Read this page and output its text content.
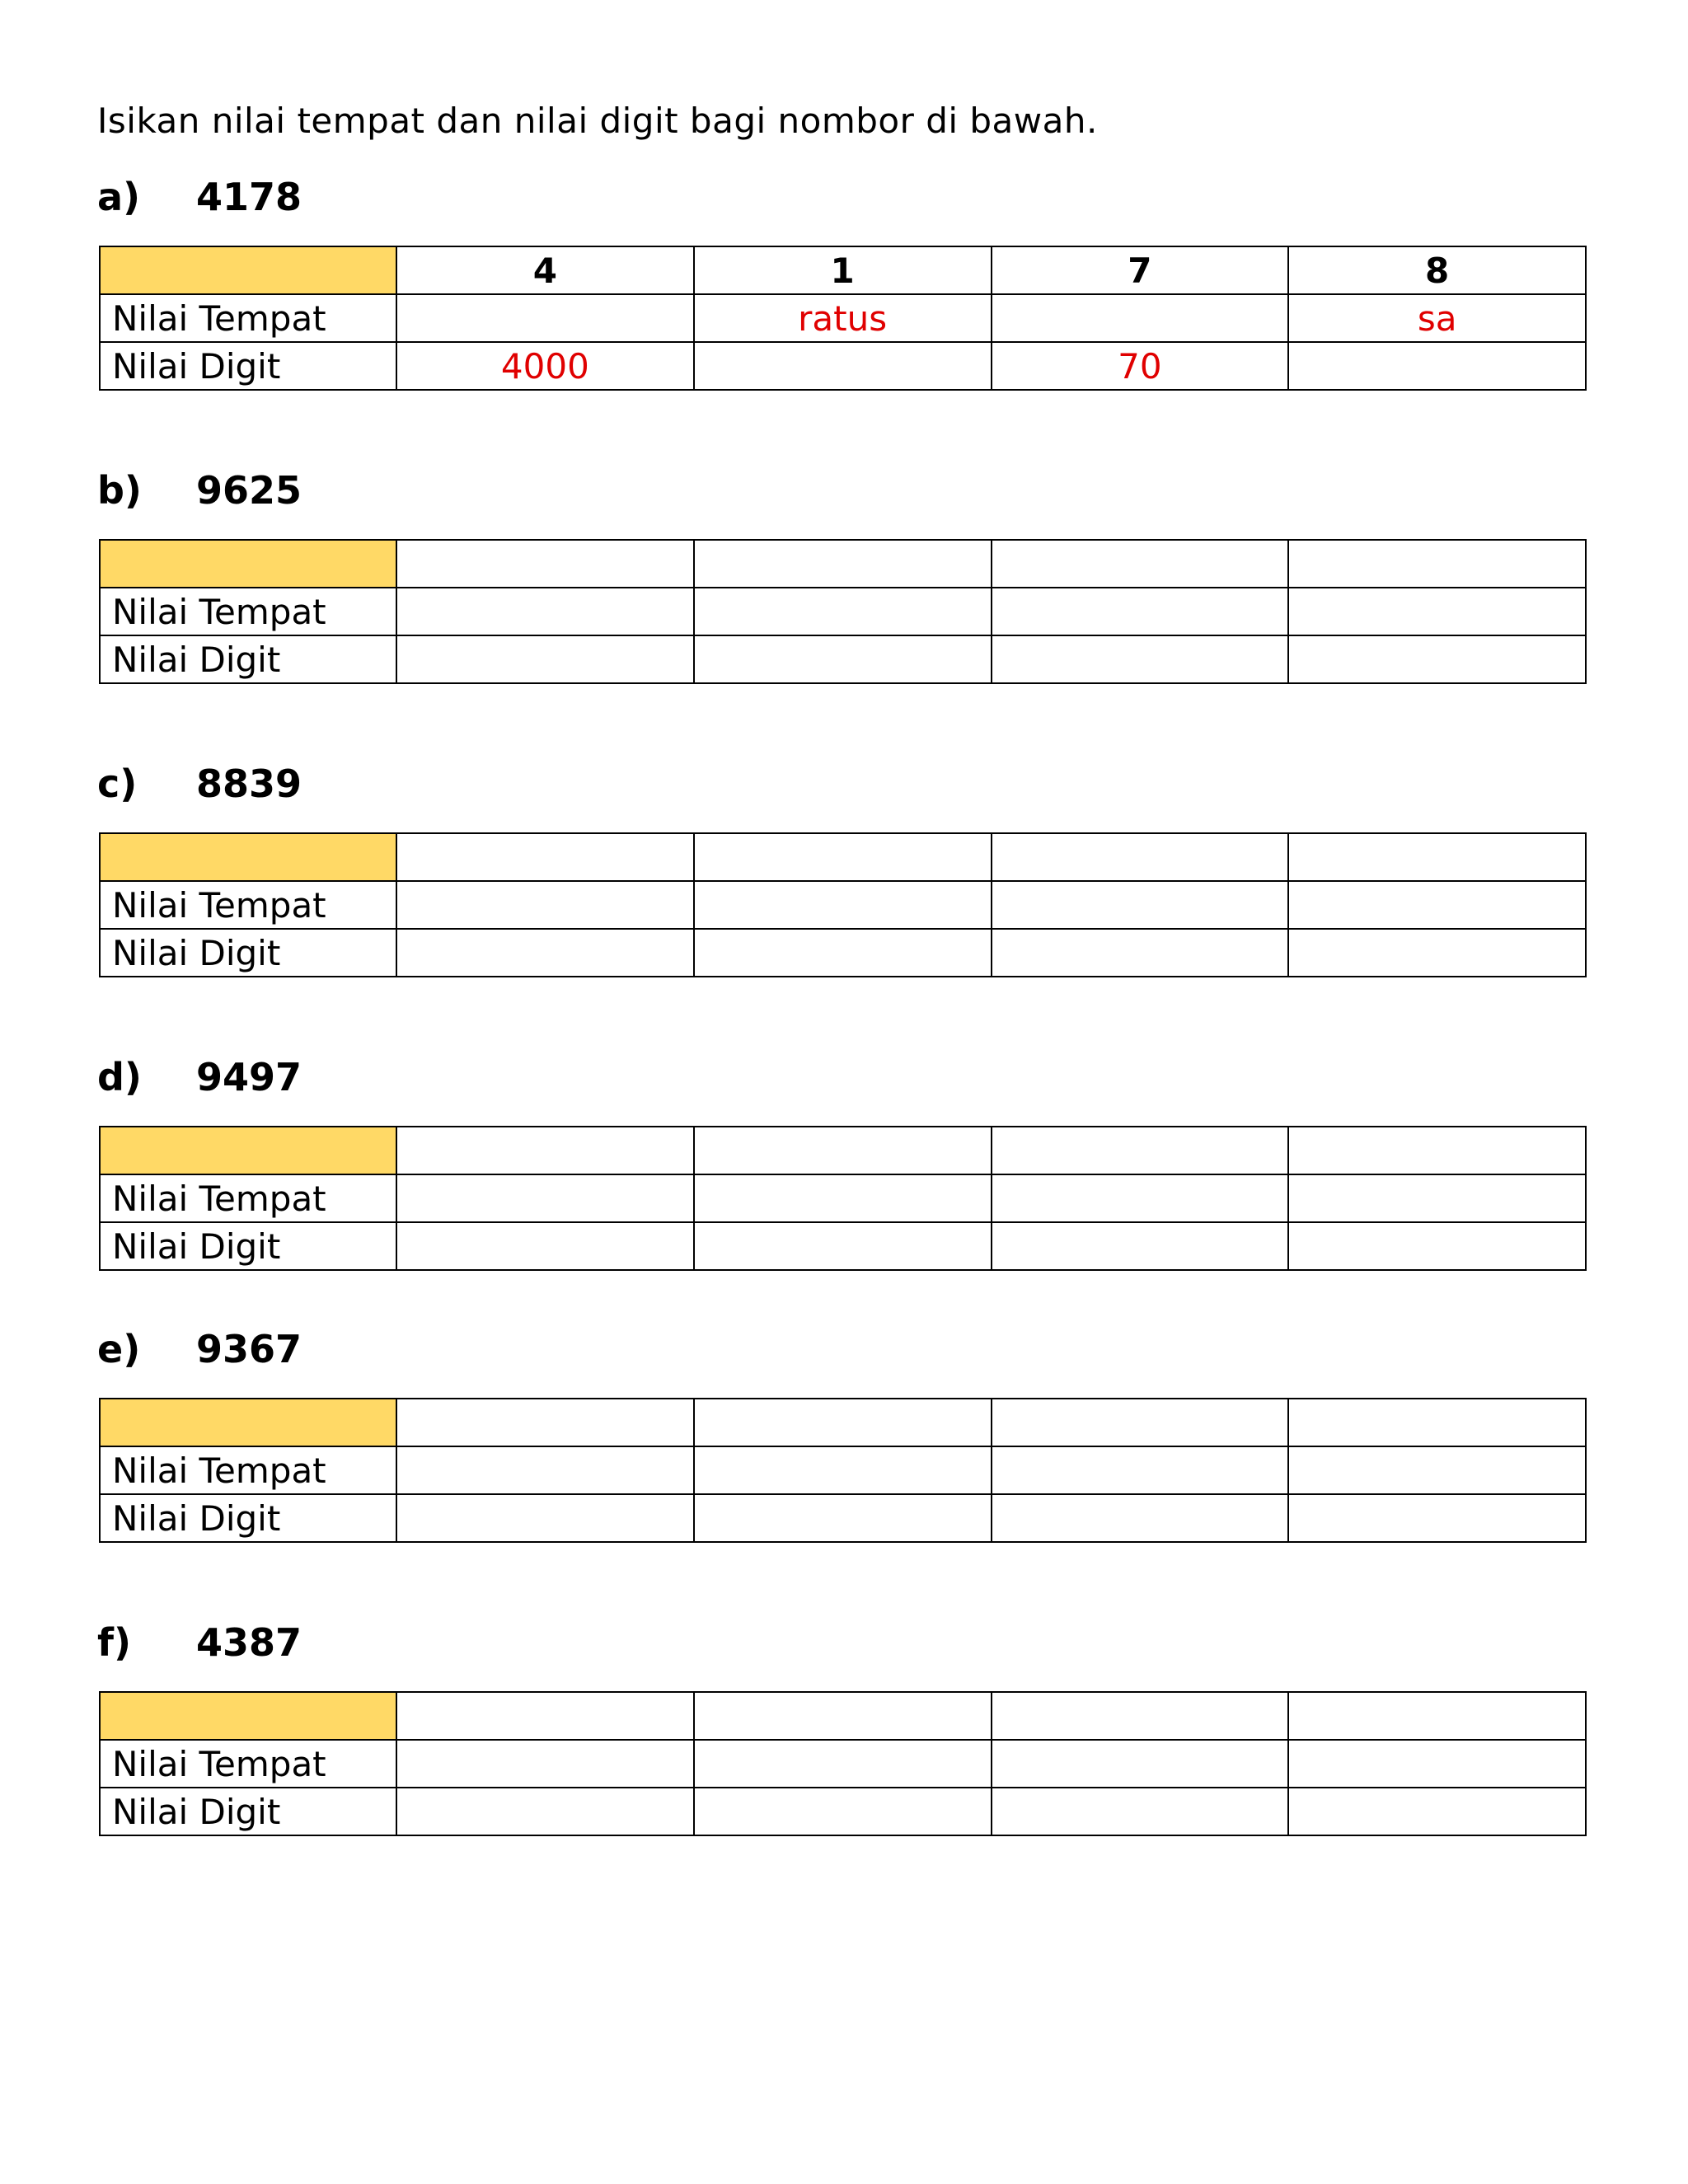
Isikan nilai tempat dan nilai digit bagi nombor di bawah.
a)	4178
	4	1	7	8
Nilai Tempat		ratus		sa
Nilai Digit	4000		70	
b)	9625

Nilai Tempat				
Nilai Digit				
c)	8839

Nilai Tempat				
Nilai Digit				
d)	9497

Nilai Tempat				
Nilai Digit				
e)	9367

Nilai Tempat				
Nilai Digit				
f)	4387

Nilai Tempat				
Nilai Digit				
